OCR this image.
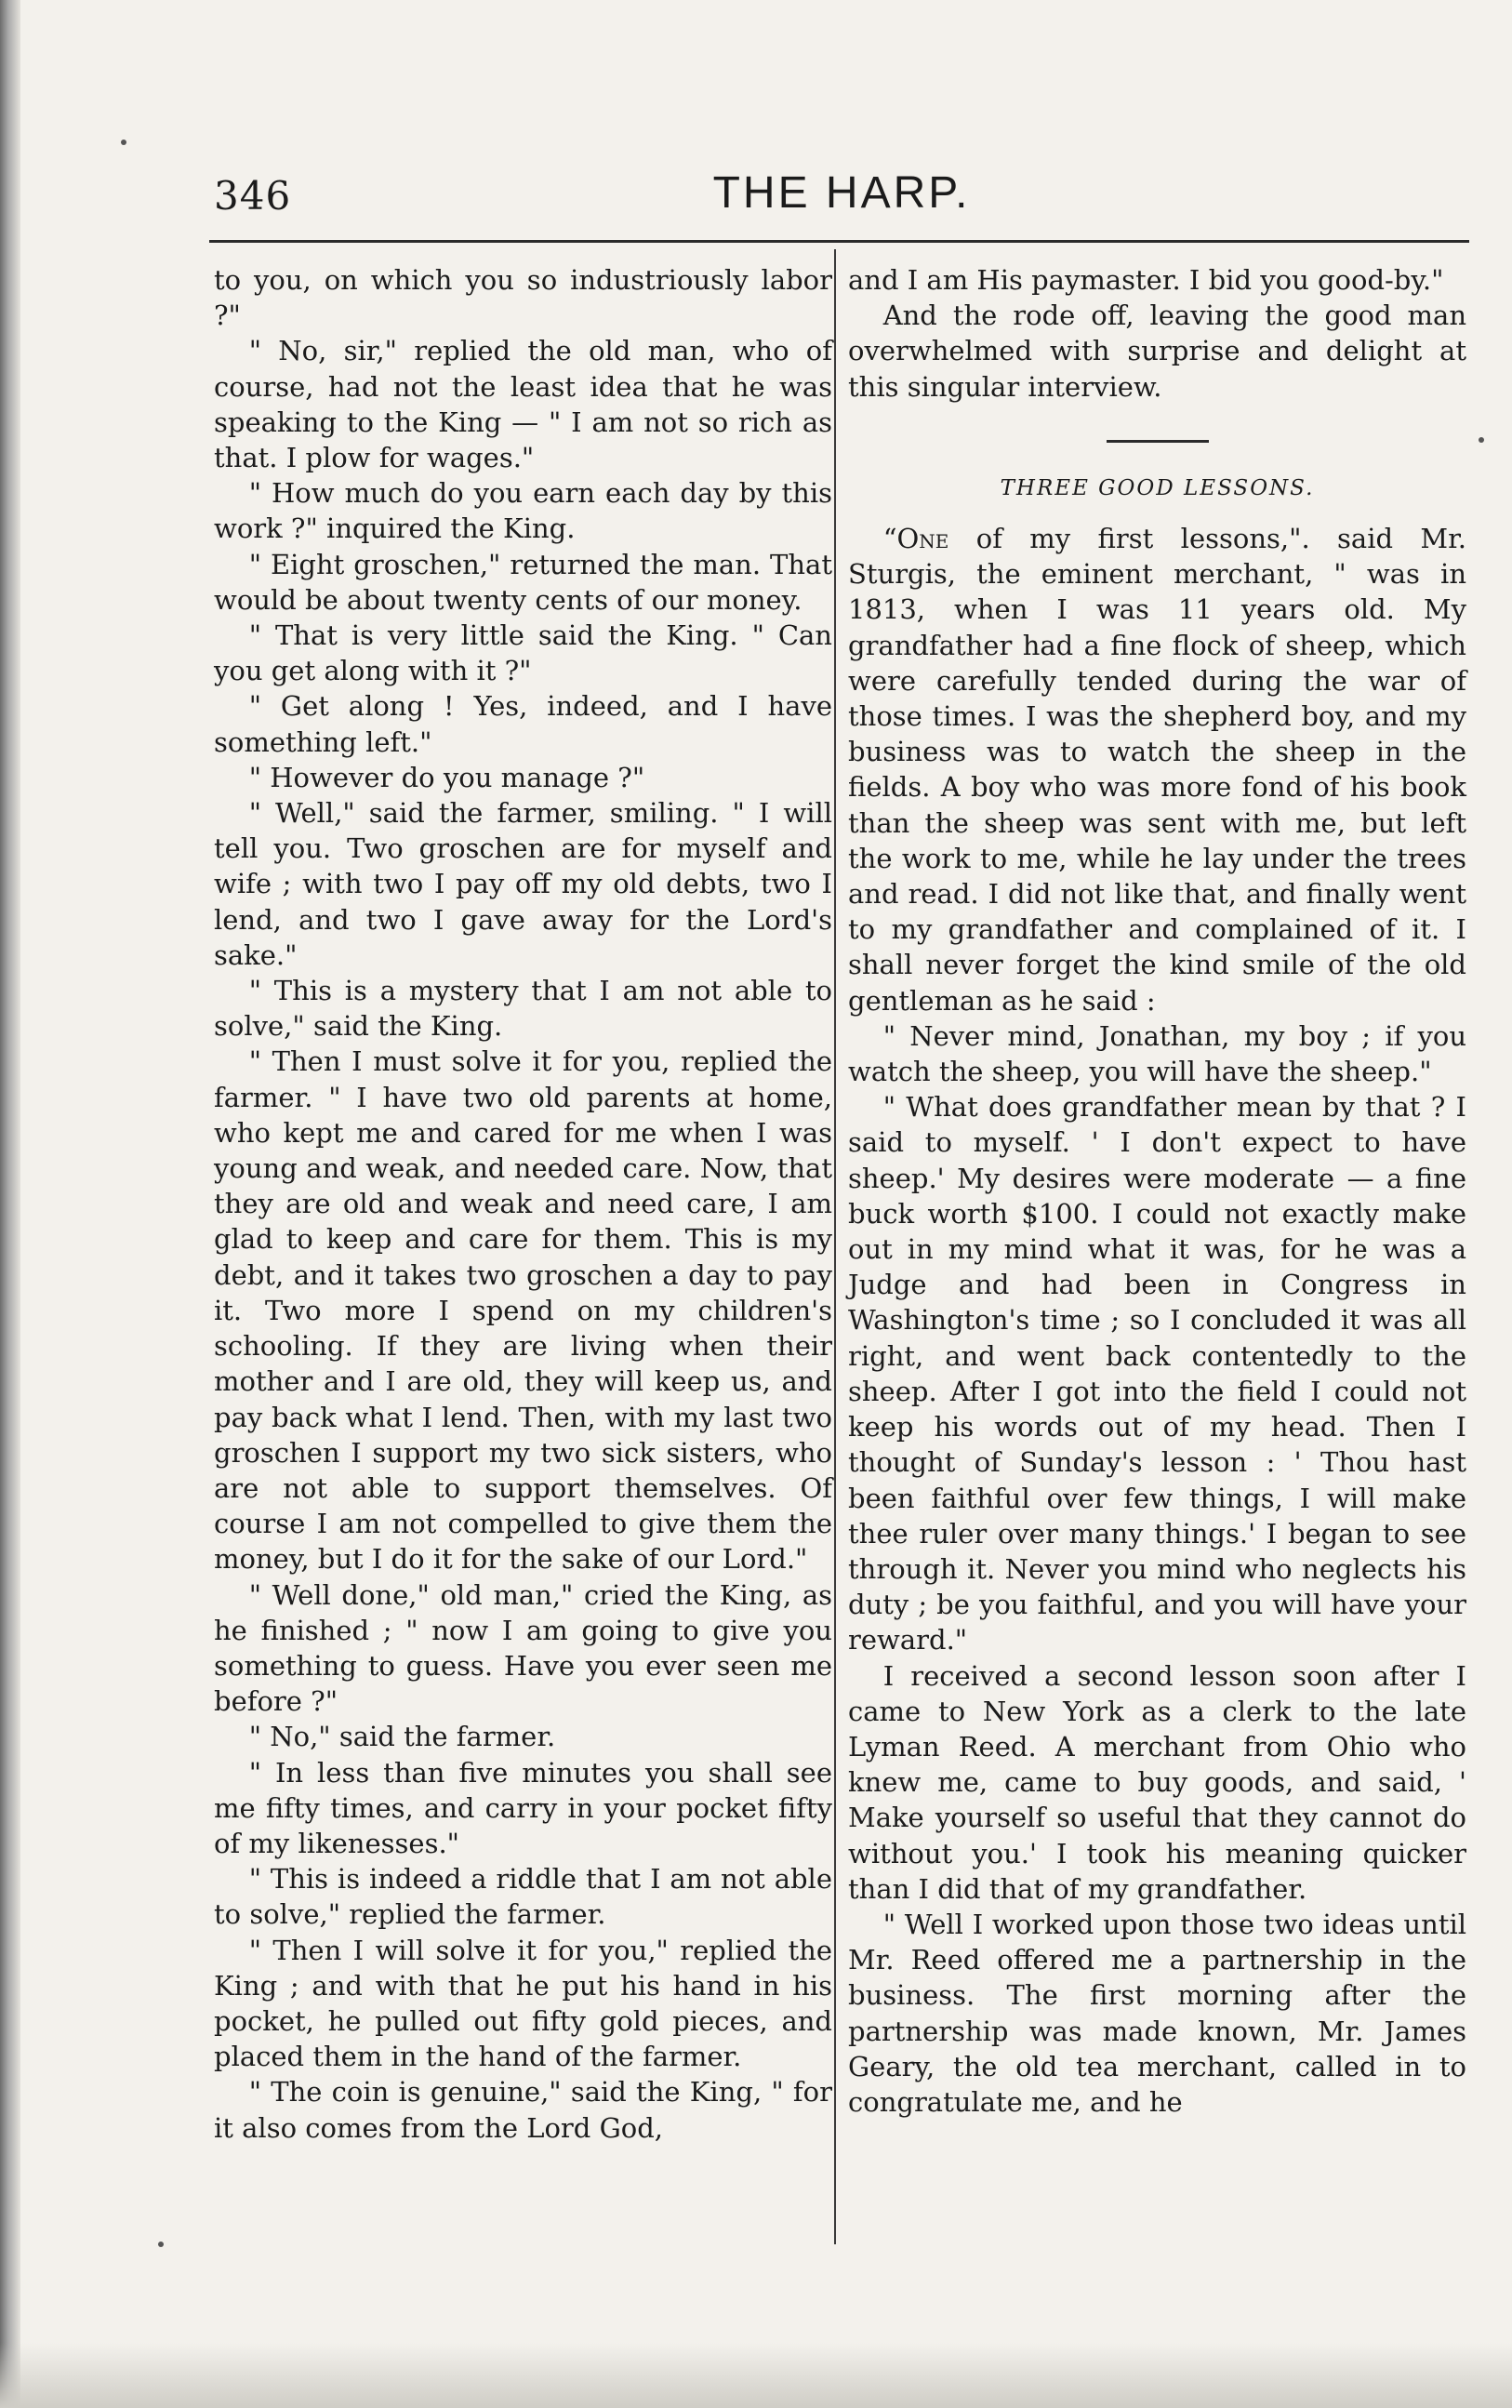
346	THE HARP.

to you, on which you so industriously labor ?"

" No, sir," replied the old man, who of course, had not the least idea that he was speaking to the King — " I am not so rich as that. I plow for wages."

" How much do you earn each day by this work ?" inquired the King.

" Eight groschen," returned the man. That would be about twenty cents of our money.

" That is very little said the King. " Can you get along with it ?"

" Get along ! Yes, indeed, and I have something left."

" However do you manage ?"

" Well," said the farmer, smiling. " I will tell you. Two groschen are for myself and wife ; with two I pay off my old debts, two I lend, and two I gave away for the Lord's sake."

" This is a mystery that I am not able to solve," said the King.

" Then I must solve it for you, replied the farmer. " I have two old parents at home, who kept me and cared for me when I was young and weak, and needed care. Now, that they are old and weak and need care, I am glad to keep and care for them. This is my debt, and it takes two groschen a day to pay it. Two more I spend on my children's schooling. If they are living when their mother and I are old, they will keep us, and pay back what I lend. Then, with my last two groschen I support my two sick sisters, who are not able to support themselves. Of course I am not compelled to give them the money, but I do it for the sake of our Lord."

" Well done," old man," cried the King, as he finished ; " now I am going to give you something to guess. Have you ever seen me before ?"

" No," said the farmer.

" In less than five minutes you shall see me fifty times, and carry in your pocket fifty of my likenesses."

" This is indeed a riddle that I am not able to solve," replied the farmer.

" Then I will solve it for you," replied the King ; and with that he put his hand in his pocket, he pulled out fifty gold pieces, and placed them in the hand of the farmer.

" The coin is genuine," said the King, " for it also comes from the Lord God,

and I am His paymaster. I bid you good-by."

And the rode off, leaving the good man overwhelmed with surprise and delight at this singular interview.

THREE GOOD LESSONS.

“One of my first lessons,". said Mr. Sturgis, the eminent merchant, " was in 1813, when I was 11 years old. My grandfather had a fine flock of sheep, which were carefully tended during the war of those times. I was the shepherd boy, and my business was to watch the sheep in the fields. A boy who was more fond of his book than the sheep was sent with me, but left the work to me, while he lay under the trees and read. I did not like that, and finally went to my grandfather and complained of it. I shall never forget the kind smile of the old gentleman as he said :

" Never mind, Jonathan, my boy ; if you watch the sheep, you will have the sheep."

" What does grandfather mean by that ? I said to myself. ' I don't expect to have sheep.' My desires were moderate — a fine buck worth $100. I could not exactly make out in my mind what it was, for he was a Judge and had been in Congress in Washington's time ; so I concluded it was all right, and went back contentedly to the sheep. After I got into the field I could not keep his words out of my head. Then I thought of Sunday's lesson : ' Thou hast been faithful over few things, I will make thee ruler over many things.' I began to see through it. Never you mind who neglects his duty ; be you faithful, and you will have your reward."

I received a second lesson soon after I came to New York as a clerk to the late Lyman Reed. A merchant from Ohio who knew me, came to buy goods, and said, ' Make yourself so useful that they cannot do without you.' I took his meaning quicker than I did that of my grandfather.

" Well I worked upon those two ideas until Mr. Reed offered me a partnership in the business. The first morning after the partnership was made known, Mr. James Geary, the old tea merchant, called in to congratulate me, and he
